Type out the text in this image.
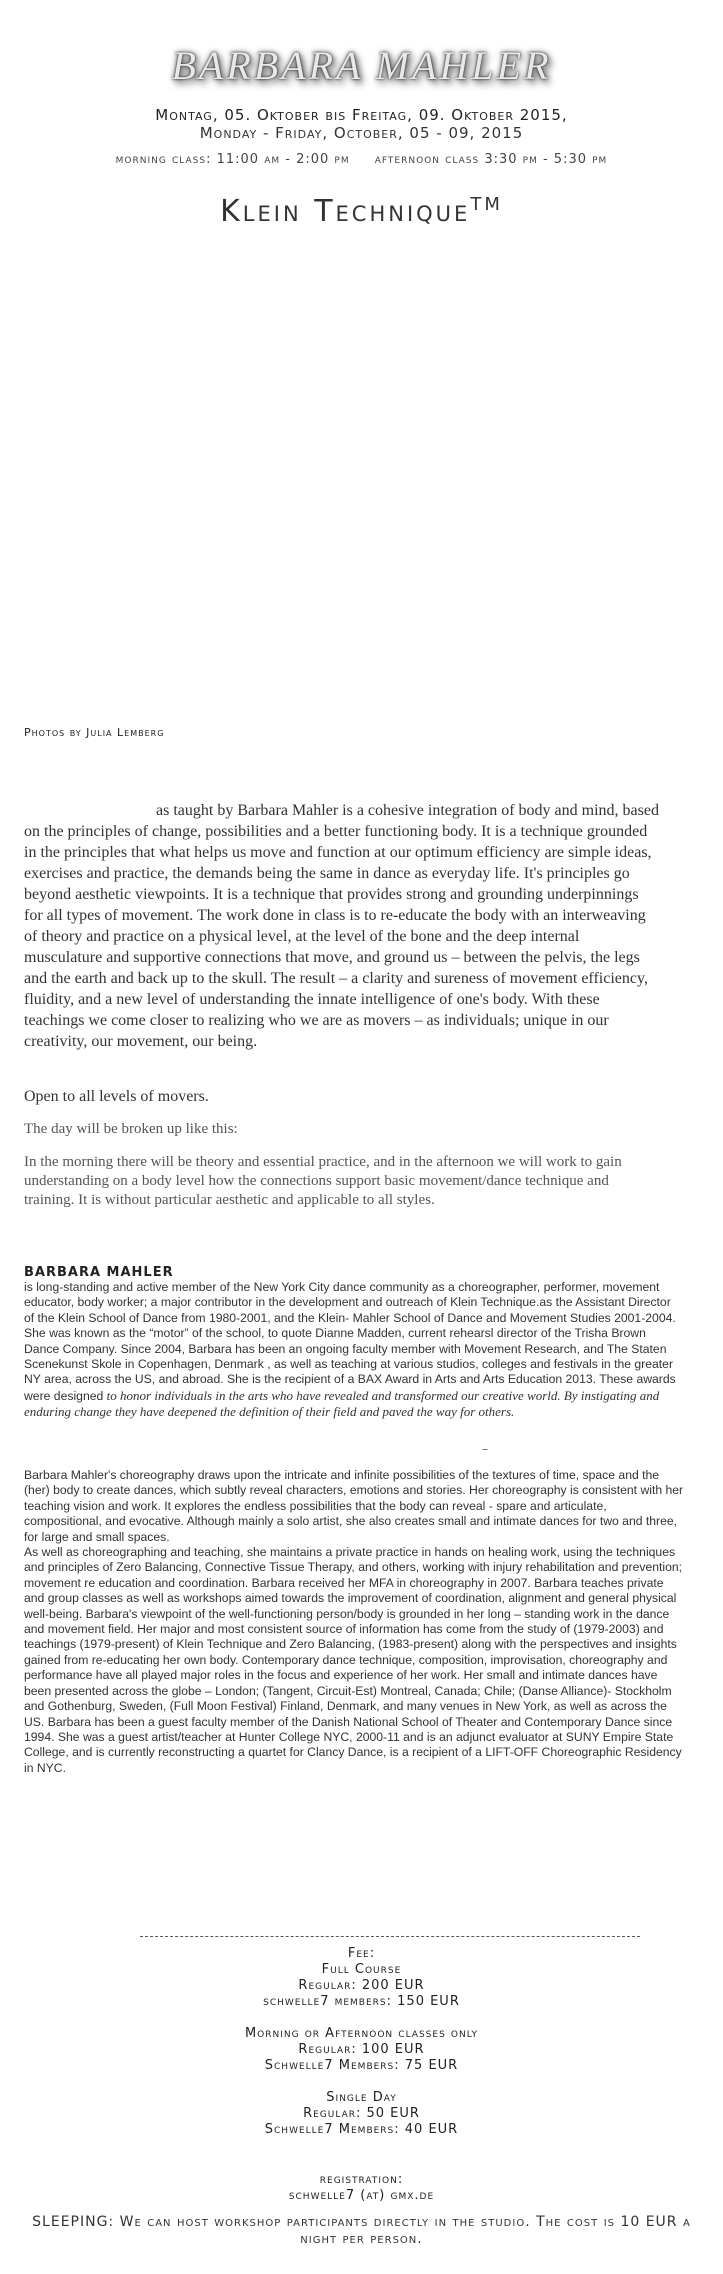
BARBARA MAHLER
Montag, 05. Oktober bis Freitag, 09. Oktober 2015,
Monday - Friday, October, 05 - 09, 2015
morning class: 11:00 am - 2:00 pm afternoon class 3:30 pm - 5:30 pm
Klein Technique™
Photos by Julia Lemberg
as taught by Barbara Mahler is a cohesive integration of body and mind, based on the principles of change, possibilities and a better functioning body. It is a technique grounded in the principles that what helps us move and function at our optimum efficiency are simple ideas, exercises and practice, the demands being the same in dance as everyday life. It's principles go beyond aesthetic viewpoints. It is a technique that provides strong and grounding underpinnings for all types of movement. The work done in class is to re-educate the body with an interweaving of theory and practice on a physical level, at the level of the bone and the deep internal musculature and supportive connections that move, and ground us – between the pelvis, the legs and the earth and back up to the skull. The result – a clarity and sureness of movement efficiency, fluidity, and a new level of understanding the innate intelligence of one's body. With these teachings we come closer to realizing who we are as movers – as individuals; unique in our creativity, our movement, our being.
Open to all levels of movers.
The day will be broken up like this:
In the morning there will be theory and essential practice, and in the afternoon we will work to gain understanding on a body level how the connections support basic movement/dance technique and training. It is without particular aesthetic and applicable to all styles.
BARBARA MAHLER
is long-standing and active member of the New York City dance community as a choreographer, performer, movement educator, body worker; a major contributor in the development and outreach of Klein Technique.as the Assistant Director of the Klein School of Dance from 1980-2001, and the Klein- Mahler School of Dance and Movement Studies 2001-2004. She was known as the “motor” of the school, to quote Dianne Madden, current rehearsl director of the Trisha Brown Dance Company. Since 2004, Barbara has been an ongoing faculty member with Movement Research, and The Staten Scenekunst Skole in Copenhagen, Denmark , as well as teaching at various studios, colleges and festivals in the greater NY area, across the US, and abroad. She is the recipient of a BAX Award in Arts and Arts Education 2013. These awards were designed to honor individuals in the arts who have revealed and transformed our creative world. By instigating and enduring change they have deepened the definition of their field and paved the way for others.
–

Barbara Mahler's choreography draws upon the intricate and infinite possibilities of the textures of time, space and the (her) body to create dances, which subtly reveal characters, emotions and stories. Her choreography is consistent with her teaching vision and work. It explores the endless possibilities that the body can reveal - spare and articulate, compositional, and evocative. Although mainly a solo artist, she also creates small and intimate dances for two and three, for large and small spaces.

As well as choreographing and teaching, she maintains a private practice in hands on healing work, using the techniques and principles of Zero Balancing, Connective Tissue Therapy, and others, working with injury rehabilitation and prevention; movement re education and coordination. Barbara received her MFA in choreography in 2007. Barbara teaches private and group classes as well as workshops aimed towards the improvement of coordination, alignment and general physical well-being. Barbara's viewpoint of the well-functioning person/body is grounded in her long – standing work in the dance and movement field. Her major and most consistent source of information has come from the study of (1979-2003) and teachings (1979-present) of Klein Technique and Zero Balancing, (1983-present) along with the perspectives and insights gained from re-educating her own body. Contemporary dance technique, composition, improvisation, choreography and performance have all played major roles in the focus and experience of her work. Her small and intimate dances have been presented across the globe – London; (Tangent, Circuit-Est) Montreal, Canada; Chile; (Danse Alliance)- Stockholm and Gothenburg, Sweden, (Full Moon Festival) Finland, Denmark, and many venues in New York, as well as across the US. Barbara has been a guest faculty member of the Danish National School of Theater and Contemporary Dance since 1994. She was a guest artist/teacher at Hunter College NYC, 2000-11 and is an adjunct evaluator at SUNY Empire State College, and is currently reconstructing a quartet for Clancy Dance, is a recipient of a LIFT-OFF Choreographic Residency in NYC.

Fee:
Full Course
Regular: 200 EUR
schwelle7 members: 150 EUR
Morning or Afternoon classes only
Regular: 100 EUR
Schwelle7 Members: 75 EUR
Single Day
Regular: 50 EUR
Schwelle7 Members: 40 EUR
registration:
schwelle7 (at) gmx.de
SLEEPING: We can host workshop participants directly in the studio. The cost is 10 EUR a night per person.
